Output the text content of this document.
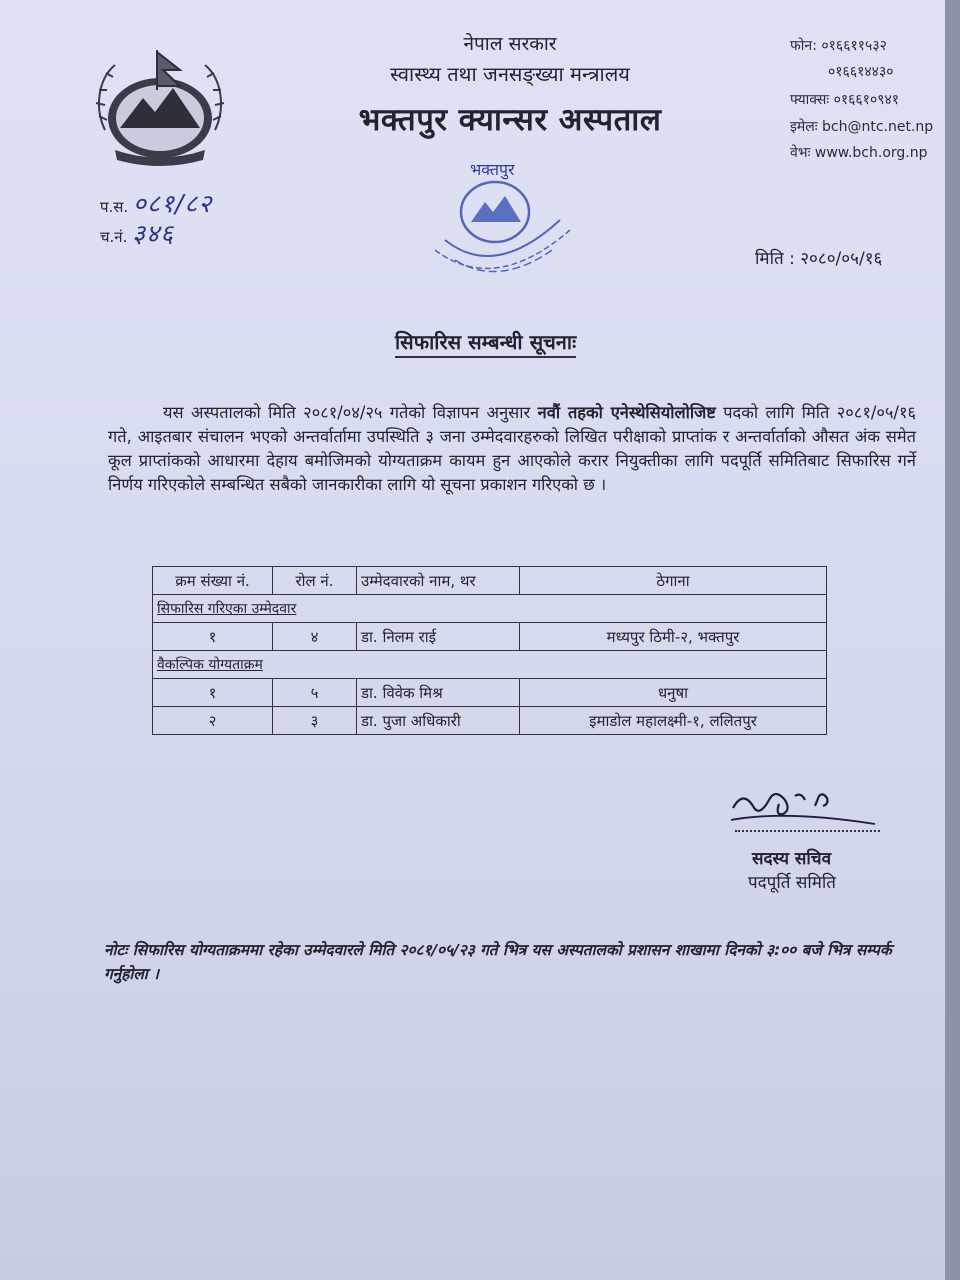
नेपाल सरकार
स्वास्थ्य तथा जनसङ्ख्या मन्त्रालय
भक्तपुर क्यान्सर अस्पताल
भक्तपुर
फोन: ०१६६११५३२
०१६६१४४३०
फ्याक्सः ०१६६१०९४१
इमेलः bch@ntc.net.np
वेभः www.bch.org.np
प.स. ०८१/८२
च.नं. ३४६
मिति : २०८०/०५/१६
सिफारिस सम्बन्धी सूचनाः
यस अस्पतालको मिति २०८१/०४/२५ गतेको विज्ञापन अनुसार नवौं तहको एनेस्थेसियोलोजिष्ट पदको लागि मिति २०८१/०५/१६ गते, आइतबार संचालन भएको अन्तर्वार्तामा उपस्थिति ३ जना उम्मेदवारहरुको लिखित परीक्षाको प्राप्तांक र अन्तर्वार्ताको औसत अंक समेत कूल प्राप्तांकको आधारमा देहाय बमोजिमको योग्यताक्रम कायम हुन आएकोले करार नियुक्तीका लागि पदपूर्ति समितिबाट सिफारिस गर्ने निर्णय गरिएकोले सम्बन्धित सबैको जानकारीका लागि यो सूचना प्रकाशन गरिएको छ ।
क्रम संख्या नं.	रोल नं.	उम्मेदवारको नाम, थर	ठेगाना
सिफारिस गरिएका उम्मेदवार			
१	४	डा. निलम राई	मध्यपुर ठिमी-२, भक्तपुर
वैकल्पिक योग्यताक्रम			
१	५	डा. विवेक मिश्र	धनुषा
२	३	डा. पुजा अधिकारी	इमाडोल महालक्ष्मी-१, ललितपुर
सदस्य सचिव
पदपूर्ति समिति
नोटः सिफारिस योग्यताक्रममा रहेका उम्मेदवारले मिति २०८१/०५/२३ गते भित्र यस अस्पतालको प्रशासन शाखामा दिनको ३:०० बजे भित्र सम्पर्क गर्नुहोला ।
